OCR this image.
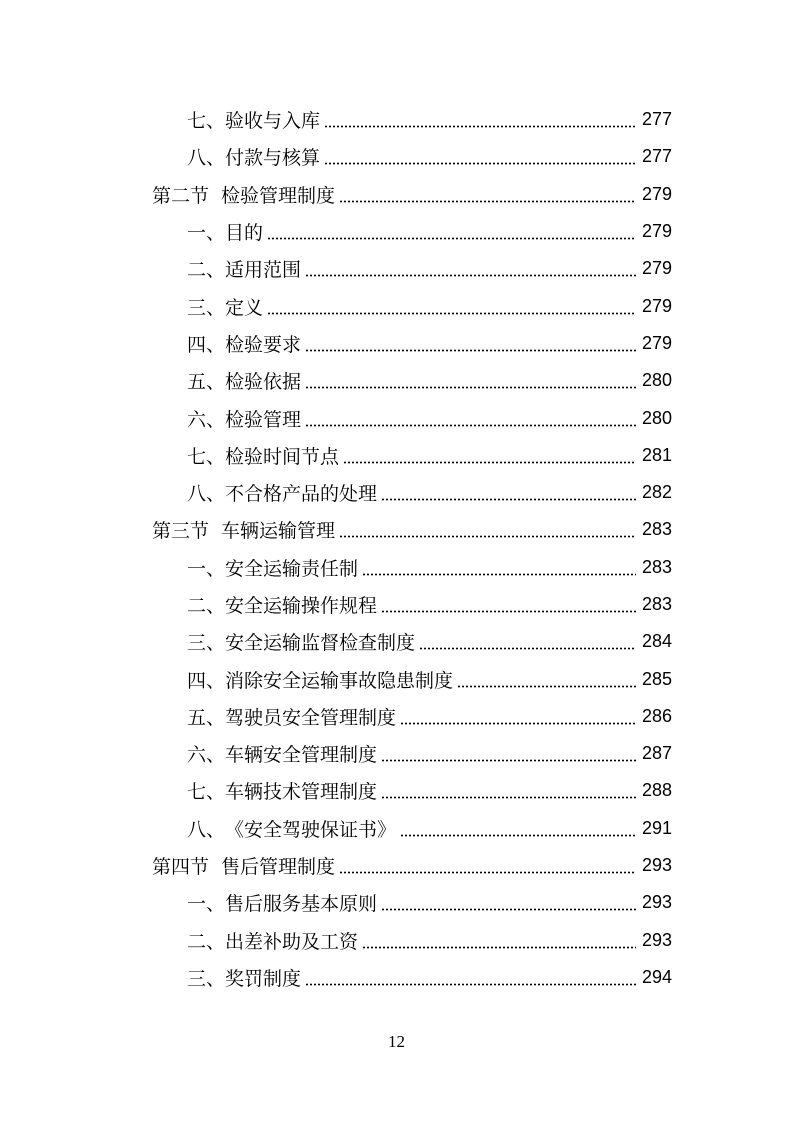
七、 验收与入库	277
八、 付款与核算	277
第二节 检验管理制度	279
一、 目的	279
二、 适用范围	279
三、 定义	279
四、 检验要求	279
五、 检验依据	280
六、 检验管理	280
七、 检验时间节点	281
八、 不合格产品的处理	282
第三节 车辆运输管理	283
一、 安全运输责任制	283
二、 安全运输操作规程	283
三、 安全运输监督检查制度	284
四、 消除安全运输事故隐患制度	285
五、 驾驶员安全管理制度	286
六、 车辆安全管理制度	287
七、 车辆技术管理制度	288
八、 《安全驾驶保证书》	291
第四节 售后管理制度	293
一、 售后服务基本原则	293
二、 出差补助及工资	293
三、 奖罚制度	294
12
